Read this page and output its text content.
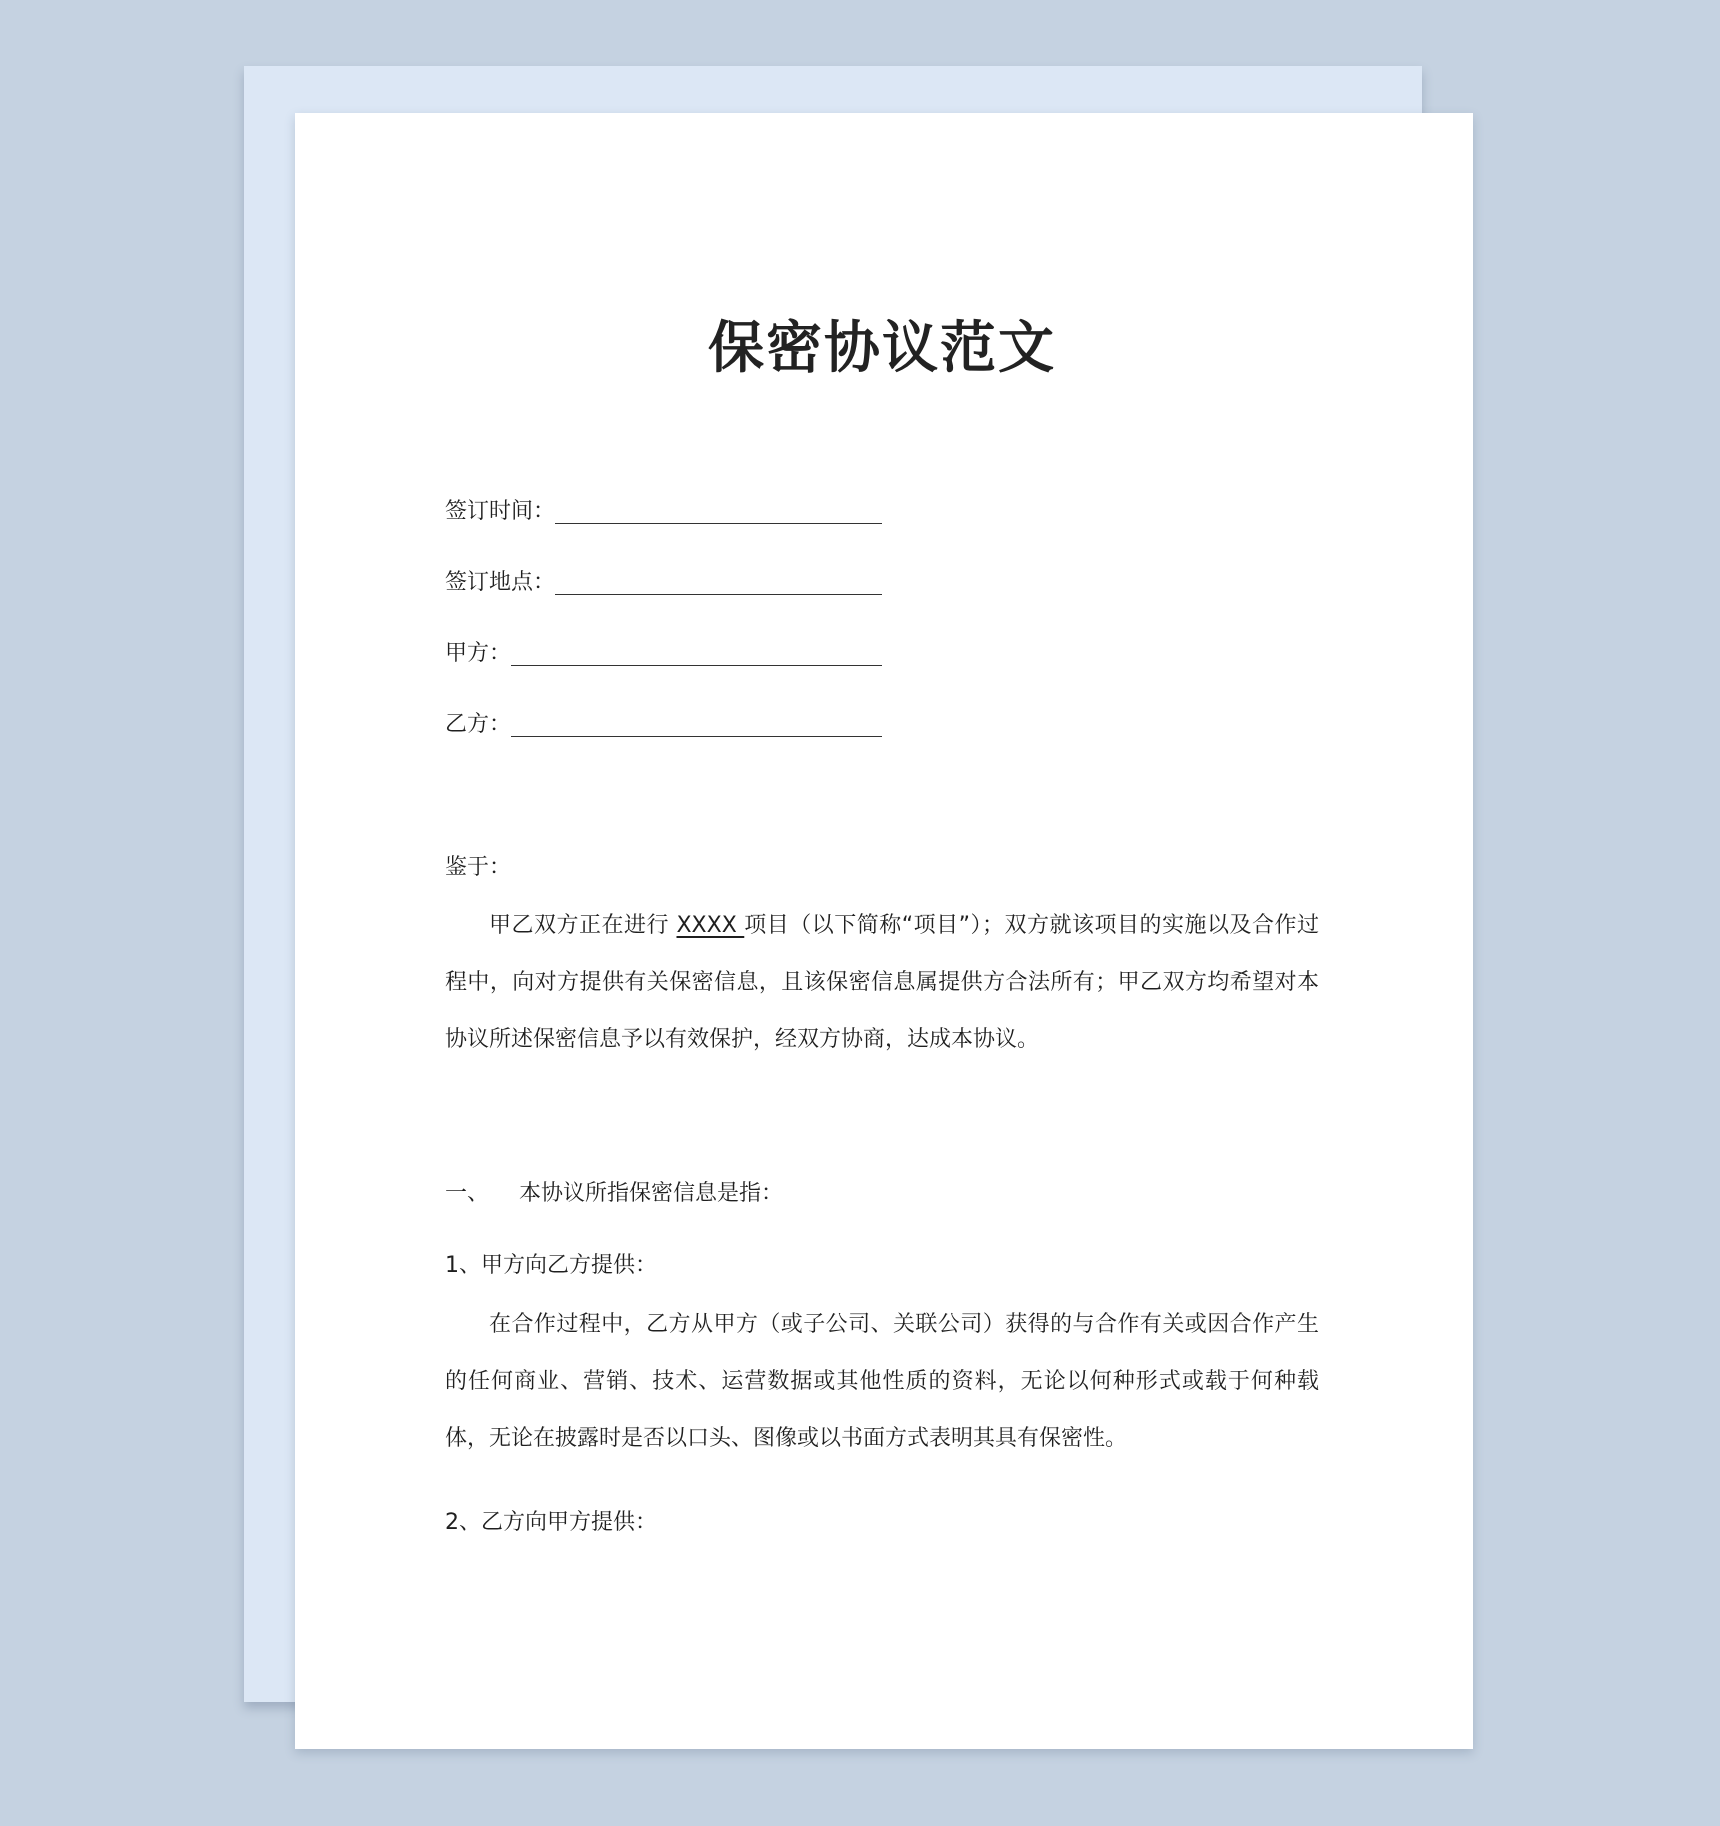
保密协议范文
签订时间：
签订地点：
甲方：
乙方：
鉴于：

甲乙双方正在进行 XXXX 项目（以下简称“项目”）；双方就该项目的实施以及合作过程中，向对方提供有关保密信息，且该保密信息属提供方合法所有；甲乙双方均希望对本协议所述保密信息予以有效保护，经双方协商，达成本协议。

一、	本协议所指保密信息是指：
1、甲方向乙方提供：

在合作过程中，乙方从甲方（或子公司、关联公司）获得的与合作有关或因合作产生的任何商业、营销、技术、运营数据或其他性质的资料，无论以何种形式或载于何种载体，无论在披露时是否以口头、图像或以书面方式表明其具有保密性。

2、乙方向甲方提供：
